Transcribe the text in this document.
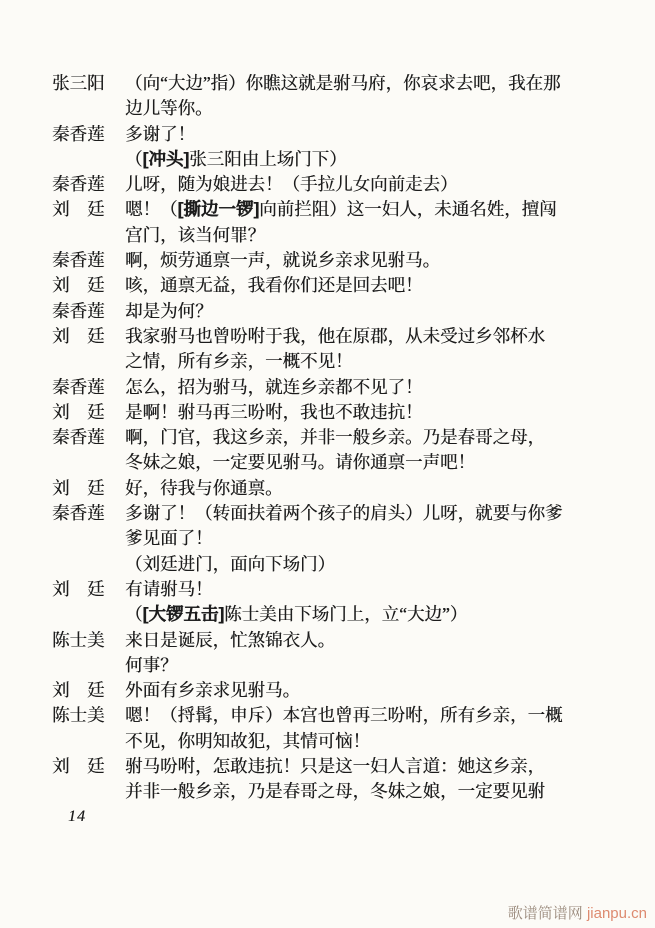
张三阳	（向“大边”指）你瞧这就是驸马府，你哀求去吧，我在那
边儿等你。
秦香莲	多谢了！
（[冲头]张三阳由上场门下）
秦香莲	儿呀，随为娘进去！（手拉儿女向前走去）
刘　廷	嗯！（[撕边一锣]向前拦阻）这一妇人，未通名姓，擅闯
宫门，该当何罪？
秦香莲	啊，烦劳通禀一声，就说乡亲求见驸马。
刘　廷	咳，通禀无益，我看你们还是回去吧！
秦香莲	却是为何？
刘　廷	我家驸马也曾吩咐于我，他在原郡，从未受过乡邻杯水
之情，所有乡亲，一概不见！
秦香莲	怎么，招为驸马，就连乡亲都不见了！
刘　廷	是啊！驸马再三吩咐，我也不敢违抗！
秦香莲	啊，门官，我这乡亲，并非一般乡亲。乃是春哥之母，
冬妹之娘，一定要见驸马。请你通禀一声吧！
刘　廷	好，待我与你通禀。
秦香莲	多谢了！（转面扶着两个孩子的肩头）儿呀，就要与你爹
爹见面了！
（刘廷进门，面向下场门）
刘　廷	有请驸马！
（[大锣五击]陈士美由下场门上，立“大边”）
陈士美	来日是诞辰，忙煞锦衣人。
何事？
刘　廷	外面有乡亲求见驸马。
陈士美	嗯！（捋髯，申斥）本宫也曾再三吩咐，所有乡亲，一概
不见，你明知故犯，其情可恼！
刘　廷	驸马吩咐，怎敢违抗！只是这一妇人言道：她这乡亲，
并非一般乡亲，乃是春哥之母，冬妹之娘，一定要见驸
14
歌谱简谱网 jianpu.cn
